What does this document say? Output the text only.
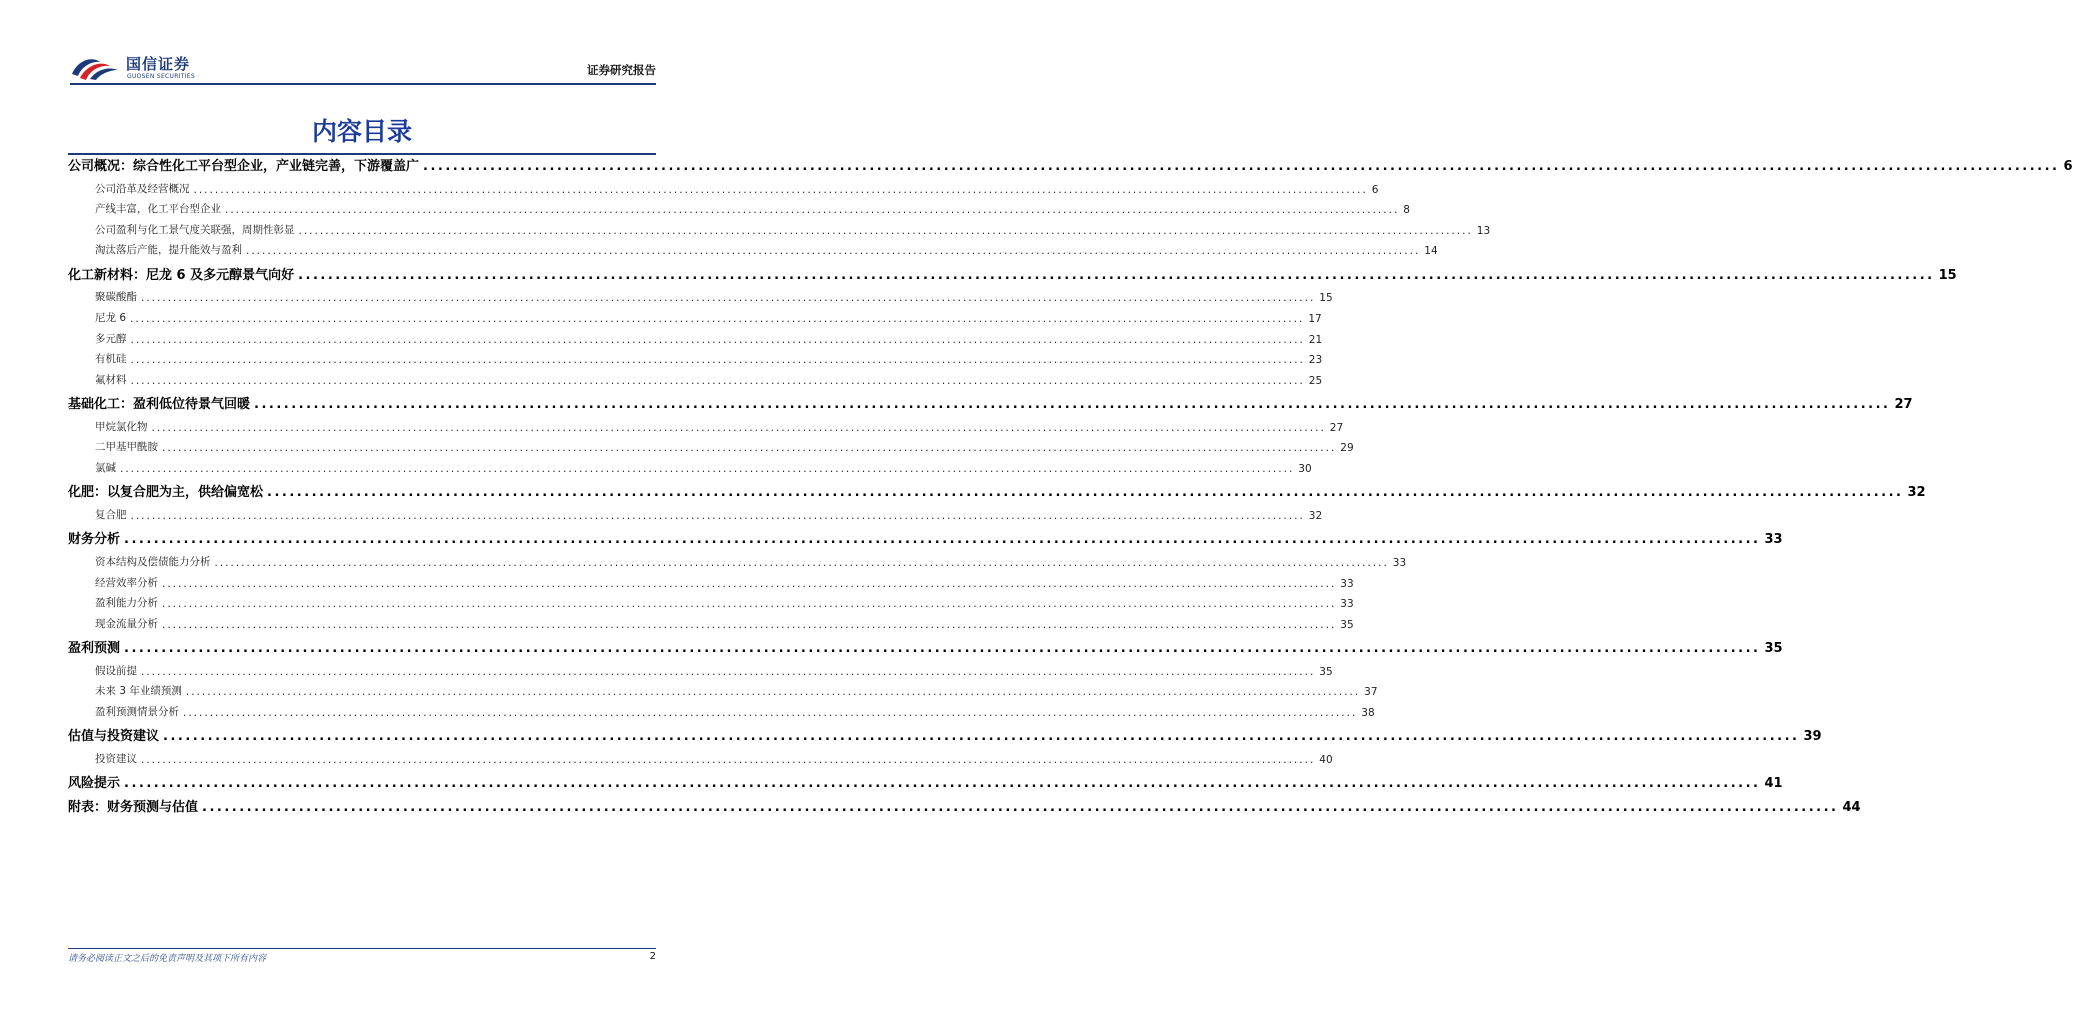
国信证券
GUOSEN SECURITIES	证券研究报告
内容目录
公司概况：综合性化工平台型企业，产业链完善，下游覆盖广 ............................................................................................................................................................................................................................ 6
公司沿革及经营概况 ............................................................................................................................................................................................................................ 6
产线丰富，化工平台型企业 ............................................................................................................................................................................................................................ 8
公司盈利与化工景气度关联强，周期性彰显 ............................................................................................................................................................................................................................ 13
淘汰落后产能，提升能效与盈利 ............................................................................................................................................................................................................................ 14
化工新材料：尼龙 6 及多元醇景气向好 ............................................................................................................................................................................................................................ 15
聚碳酸酯 ............................................................................................................................................................................................................................ 15
尼龙 6 ............................................................................................................................................................................................................................ 17
多元醇 ............................................................................................................................................................................................................................ 21
有机硅 ............................................................................................................................................................................................................................ 23
氟材料 ............................................................................................................................................................................................................................ 25
基础化工：盈利低位待景气回暖 ............................................................................................................................................................................................................................ 27
甲烷氯化物 ............................................................................................................................................................................................................................ 27
二甲基甲酰胺 ............................................................................................................................................................................................................................ 29
氯碱 ............................................................................................................................................................................................................................ 30
化肥：以复合肥为主，供给偏宽松 ............................................................................................................................................................................................................................ 32
复合肥 ............................................................................................................................................................................................................................ 32
财务分析 ............................................................................................................................................................................................................................ 33
资本结构及偿债能力分析 ............................................................................................................................................................................................................................ 33
经营效率分析 ............................................................................................................................................................................................................................ 33
盈利能力分析 ............................................................................................................................................................................................................................ 33
现金流量分析 ............................................................................................................................................................................................................................ 35
盈利预测 ............................................................................................................................................................................................................................ 35
假设前提 ............................................................................................................................................................................................................................ 35
未来 3 年业绩预测 ............................................................................................................................................................................................................................ 37
盈利预测情景分析 ............................................................................................................................................................................................................................ 38
估值与投资建议 ............................................................................................................................................................................................................................ 39
投资建议 ............................................................................................................................................................................................................................ 40
风险提示 ............................................................................................................................................................................................................................ 41
附表：财务预测与估值 ............................................................................................................................................................................................................................ 44
请务必阅读正文之后的免责声明及其项下所有内容	2
